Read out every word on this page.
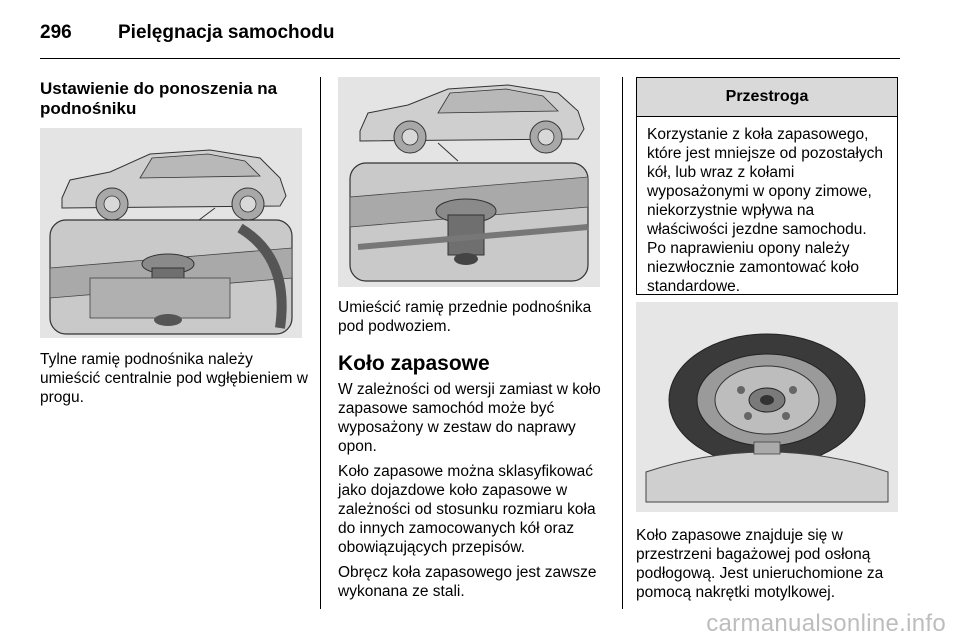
296 Pielęgnacja samochodu
Ustawienie do ponoszenia na podnośniku

Tylne ramię podnośnika należy umieścić centralnie pod wgłębieniem w progu.

Umieścić ramię przednie podnośnika pod podwoziem.

Koło zapasowe

W zależności od wersji zamiast w koło zapasowe samochód może być wyposażony w zestaw do naprawy opon.

Koło zapasowe można sklasyfikować jako dojazdowe koło zapasowe w zależności od stosunku rozmiaru koła do innych zamocowanych kół oraz obowiązujących przepisów.

Obręcz koła zapasowego jest zawsze wykonana ze stali.

Przestroga
Korzystanie z koła zapasowego, które jest mniejsze od pozostałych kół, lub wraz z kołami wyposażonymi w opony zimowe, niekorzystnie wpływa na właściwości jezdne samochodu. Po naprawieniu opony należy niezwłocznie zamontować koło standardowe.

Koło zapasowe znajduje się w przestrzeni bagażowej pod osłoną podłogową. Jest unieruchomione za pomocą nakrętki motylkowej.

carmanualsonline.info
